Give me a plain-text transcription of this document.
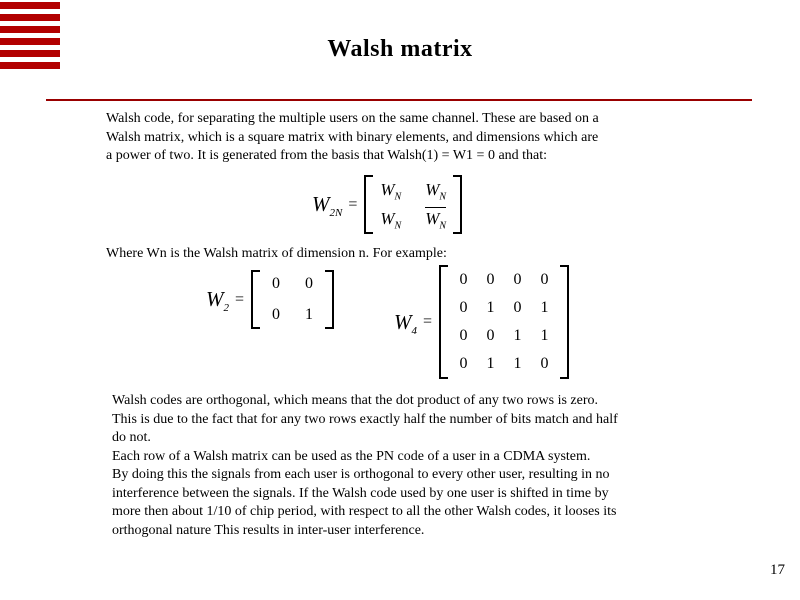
Walsh matrix
Walsh code, for separating the multiple users on the same channel. These are based on a
Walsh matrix, which is a square matrix with binary elements, and dimensions which are
a power of two. It is generated from the basis that Walsh(1) = W1 = 0 and that:
$W_{2N}$
=
$W_N$ $W_N$
$W_N$ $W_N$
Where Wn is the Walsh matrix of dimension n. For example:
$W_2$
=
0 0
0 1	$W_4$
=
0 0 0 0
0 1 0 1
0 0 1 1
0 1 1 0
Walsh codes are orthogonal, which means that the dot product of any two rows is zero.
This is due to the fact that for any two rows exactly half the number of bits match and half
do not.
Each row of a Walsh matrix can be used as the PN code of a user in a CDMA system.
By doing this the signals from each user is orthogonal to every other user, resulting in no
interference between the signals. If the Walsh code used by one user is shifted in time by
more then about 1/10 of chip period, with respect to all the other Walsh codes, it looses its
orthogonal nature This results in inter-user interference.
17
